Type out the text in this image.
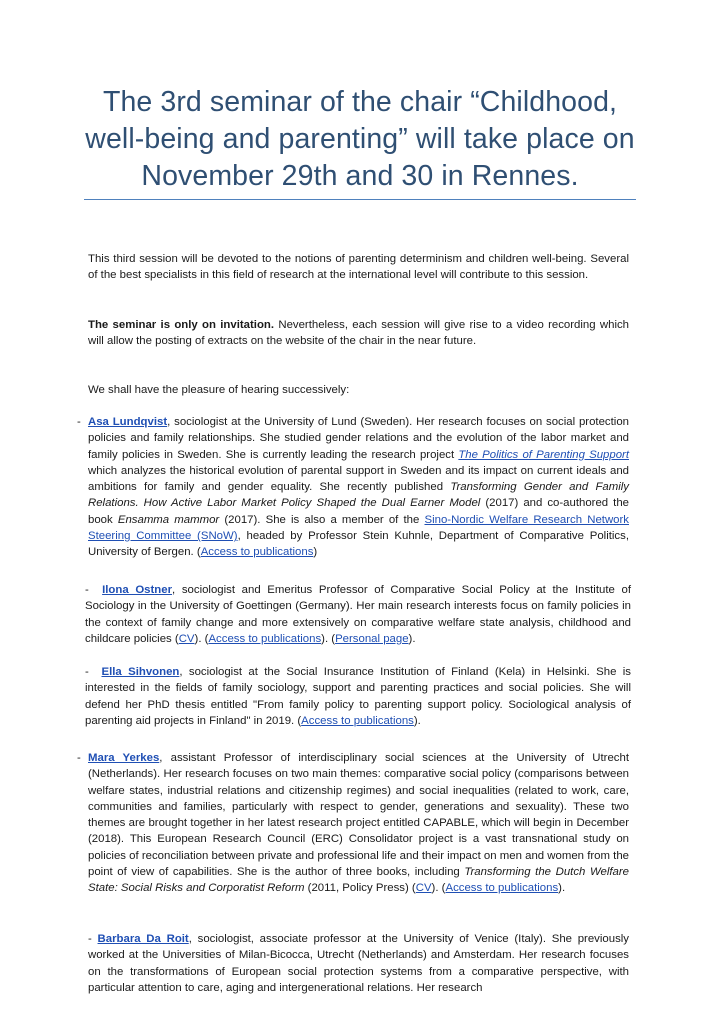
The 3rd seminar of the chair “Childhood, well-being and parenting” will take place on November 29th and 30 in Rennes.
This third session will be devoted to the notions of parenting determinism and children well-being. Several of the best specialists in this field of research at the international level will contribute to this session.
The seminar is only on invitation. Nevertheless, each session will give rise to a video recording which will allow the posting of extracts on the website of the chair in the near future.
We shall have the pleasure of hearing successively:
- Asa Lundqvist, sociologist at the University of Lund (Sweden). Her research focuses on social protection policies and family relationships. She studied gender relations and the evolution of the labor market and family policies in Sweden. She is currently leading the research project The Politics of Parenting Support which analyzes the historical evolution of parental support in Sweden and its impact on current ideals and ambitions for family and gender equality. She recently published Transforming Gender and Family Relations. How Active Labor Market Policy Shaped the Dual Earner Model (2017) and co-authored the book Ensamma mammor (2017). She is also a member of the Sino-Nordic Welfare Research Network Steering Committee (SNoW), headed by Professor Stein Kuhnle, Department of Comparative Politics, University of Bergen. (Access to publications)
- Ilona Ostner, sociologist and Emeritus Professor of Comparative Social Policy at the Institute of Sociology in the University of Goettingen (Germany). Her main research interests focus on family policies in the context of family change and more extensively on comparative welfare state analysis, childhood and childcare policies (CV). (Access to publications). (Personal page).
- Ella Sihvonen, sociologist at the Social Insurance Institution of Finland (Kela) in Helsinki. She is interested in the fields of family sociology, support and parenting practices and social policies. She will defend her PhD thesis entitled "From family policy to parenting support policy. Sociological analysis of parenting aid projects in Finland" in 2019. (Access to publications).
- Mara Yerkes, assistant Professor of interdisciplinary social sciences at the University of Utrecht (Netherlands). Her research focuses on two main themes: comparative social policy (comparisons between welfare states, industrial relations and citizenship regimes) and social inequalities (related to work, care, communities and families, particularly with respect to gender, generations and sexuality). These two themes are brought together in her latest research project entitled CAPABLE, which will begin in December (2018). This European Research Council (ERC) Consolidator project is a vast transnational study on policies of reconciliation between private and professional life and their impact on men and women from the point of view of capabilities. She is the author of three books, including Transforming the Dutch Welfare State: Social Risks and Corporatist Reform (2011, Policy Press) (CV). (Access to publications).
- Barbara Da Roit, sociologist, associate professor at the University of Venice (Italy). She previously worked at the Universities of Milan-Bicocca, Utrecht (Netherlands) and Amsterdam. Her research focuses on the transformations of European social protection systems from a comparative perspective, with particular attention to care, aging and intergenerational relations. Her research
